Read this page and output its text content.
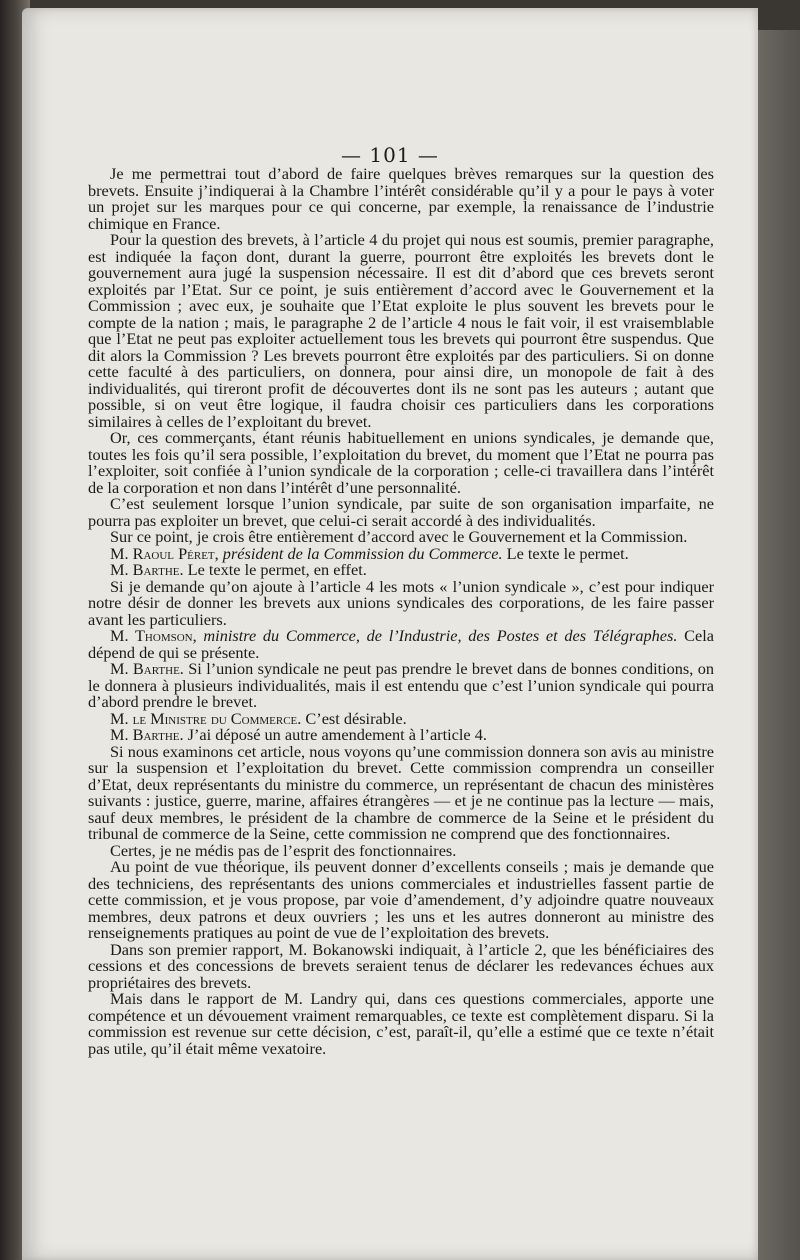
— 101 —

Je me permettrai tout d’abord de faire quelques brèves remarques sur la question des brevets. Ensuite j’indiquerai à la Chambre l’intérêt considérable qu’il y a pour le pays à voter un projet sur les marques pour ce qui concerne, par exemple, la renaissance de l’industrie chimique en France.

Pour la question des brevets, à l’article 4 du projet qui nous est soumis, premier paragraphe, est indiquée la façon dont, durant la guerre, pourront être exploités les brevets dont le gouvernement aura jugé la suspension nécessaire. Il est dit d’abord que ces brevets seront exploités par l’Etat. Sur ce point, je suis entièrement d’accord avec le Gouvernement et la Commission ; avec eux, je souhaite que l’Etat exploite le plus souvent les brevets pour le compte de la nation ; mais, le paragraphe 2 de l’article 4 nous le fait voir, il est vraisemblable que l’Etat ne peut pas exploiter actuellement tous les brevets qui pourront être suspendus. Que dit alors la Commission ? Les brevets pourront être exploités par des particuliers. Si on donne cette faculté à des particuliers, on donnera, pour ainsi dire, un monopole de fait à des individualités, qui tireront profit de découvertes dont ils ne sont pas les auteurs ; autant que possible, si on veut être logique, il faudra choisir ces particuliers dans les corporations similaires à celles de l’exploitant du brevet.

Or, ces commerçants, étant réunis habituellement en unions syndicales, je demande que, toutes les fois qu’il sera possible, l’exploitation du brevet, du moment que l’Etat ne pourra pas l’exploiter, soit confiée à l’union syndicale de la corporation ; celle-ci travaillera dans l’intérêt de la corporation et non dans l’intérêt d’une personnalité.

C’est seulement lorsque l’union syndicale, par suite de son organisation imparfaite, ne pourra pas exploiter un brevet, que celui-ci serait accordé à des individualités.

Sur ce point, je crois être entièrement d’accord avec le Gouvernement et la Commission.

M. Raoul Péret, président de la Commission du Commerce. Le texte le permet.

M. Barthe. Le texte le permet, en effet.

Si je demande qu’on ajoute à l’article 4 les mots « l’union syndicale », c’est pour indiquer notre désir de donner les brevets aux unions syndicales des corporations, de les faire passer avant les particuliers.

M. Thomson, ministre du Commerce, de l’Industrie, des Postes et des Télégraphes. Cela dépend de qui se présente.

M. Barthe. Si l’union syndicale ne peut pas prendre le brevet dans de bonnes conditions, on le donnera à plusieurs individualités, mais il est entendu que c’est l’union syndicale qui pourra d’abord prendre le brevet.

M. le Ministre du Commerce. C’est désirable.

M. Barthe. J’ai déposé un autre amendement à l’article 4.

Si nous examinons cet article, nous voyons qu’une commission donnera son avis au ministre sur la suspension et l’exploitation du brevet. Cette commission comprendra un conseiller d’Etat, deux représentants du ministre du commerce, un représentant de chacun des ministères suivants : justice, guerre, marine, affaires étrangères — et je ne continue pas la lecture — mais, sauf deux membres, le président de la chambre de commerce de la Seine et le président du tribunal de commerce de la Seine, cette commission ne comprend que des fonctionnaires.

Certes, je ne médis pas de l’esprit des fonctionnaires.

Au point de vue théorique, ils peuvent donner d’excellents conseils ; mais je demande que des techniciens, des représentants des unions commerciales et industrielles fassent partie de cette commission, et je vous propose, par voie d’amendement, d’y adjoindre quatre nouveaux membres, deux patrons et deux ouvriers ; les uns et les autres donneront au ministre des renseignements pratiques au point de vue de l’exploitation des brevets.

Dans son premier rapport, M. Bokanowski indiquait, à l’article 2, que les bénéficiaires des cessions et des concessions de brevets seraient tenus de déclarer les redevances échues aux propriétaires des brevets.

Mais dans le rapport de M. Landry qui, dans ces questions commerciales, apporte une compétence et un dévouement vraiment remarquables, ce texte est complètement disparu. Si la commission est revenue sur cette décision, c’est, paraît-il, qu’elle a estimé que ce texte n’était pas utile, qu’il était même vexatoire.
